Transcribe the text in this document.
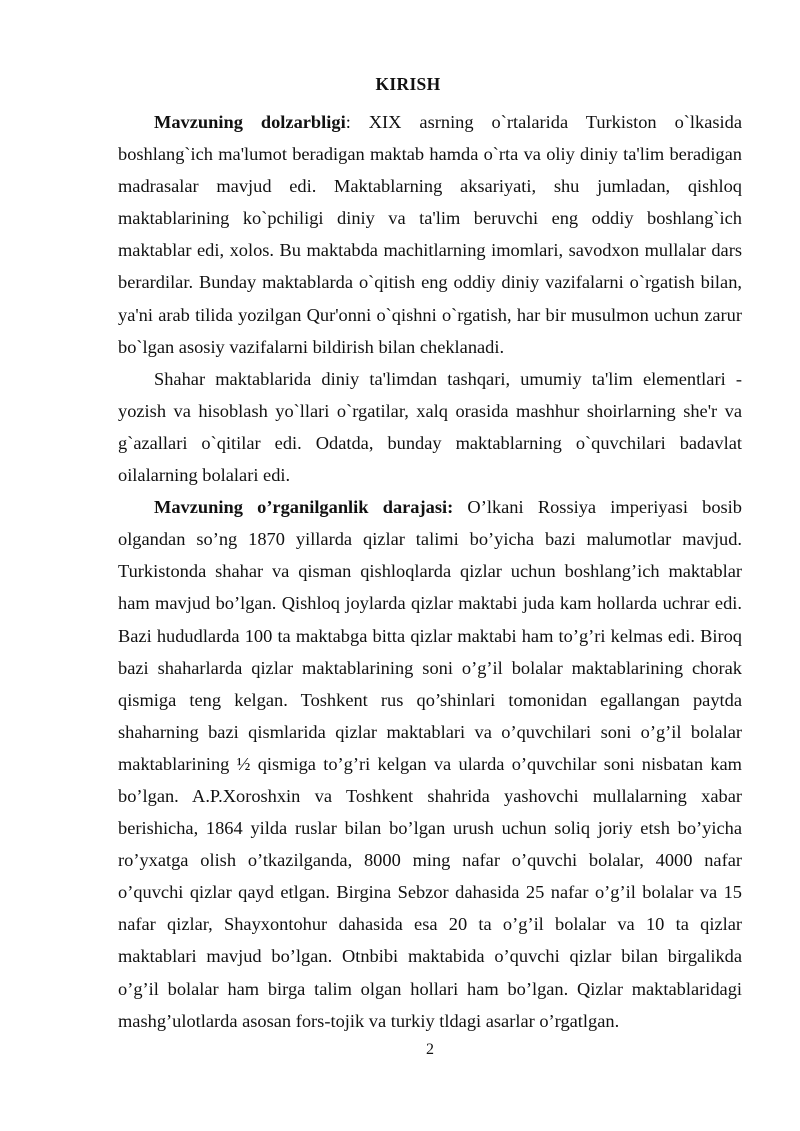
KIRISH

Mavzuning dolzarbligi: XIX asrning o`rtalarida Turkiston o`lkasida boshlang`ich ma'lumot beradigan maktab hamda o`rta va oliy diniy ta'lim beradigan madrasalar mavjud edi. Maktablarning aksariyati, shu jumladan, qishloq maktablarining ko`pchiligi diniy va ta'lim beruvchi eng oddiy boshlang`ich maktablar edi, xolos. Bu maktabda machitlarning imomlari, savodxon mullalar dars berardilar. Bunday maktablarda o`qitish eng oddiy diniy vazifalarni o`rgatish bilan, ya'ni arab tilida yozilgan Qur'onni o`qishni o`rgatish, har bir musulmon uchun zarur bo`lgan asosiy vazifalarni bildirish bilan cheklanadi.

Shahar maktablarida diniy ta'limdan tashqari, umumiy ta'lim elementlari - yozish va hisoblash yo`llari o`rgatilar, xalq orasida mashhur shoirlarning she'r va g`azallari o`qitilar edi. Odatda, bunday maktablarning o`quvchilari badavlat oilalarning bolalari edi.

Mavzuning o’rganilganlik darajasi: O’lkani Rossiya imperiyasi bosib olgandan so’ng 1870 yillarda qizlar talimi bo’yicha bazi malumotlar mavjud. Turkistonda shahar va qisman qishloqlarda qizlar uchun boshlang’ich maktablar ham mavjud bo’lgan. Qishloq joylarda qizlar maktabi juda kam hollarda uchrar edi. Bazi hududlarda 100 ta maktabga bitta qizlar maktabi ham to’g’ri kelmas edi. Biroq bazi shaharlarda qizlar maktablarining soni o’g’il bolalar maktablarining chorak qismiga teng kelgan. Toshkent rus qo’shinlari tomonidan egallangan paytda shaharning bazi qismlarida qizlar maktablari va o’quvchilari soni o’g’il bolalar maktablarining ½ qismiga to’g’ri kelgan va ularda o’quvchilar soni nisbatan kam bo’lgan. A.P.Xoroshxin va Toshkent shahrida yashovchi mullalarning xabar berishicha, 1864 yilda ruslar bilan bo’lgan urush uchun soliq joriy etsh bo’yicha ro’yxatga olish o’tkazilganda, 8000 ming nafar o’quvchi bolalar, 4000 nafar o’quvchi qizlar qayd etlgan. Birgina Sebzor dahasida 25 nafar o’g’il bolalar va 15 nafar qizlar, Shayxontohur dahasida esa 20 ta o’g’il bolalar va 10 ta qizlar maktablari mavjud bo’lgan. Otnbibi maktabida o’quvchi qizlar bilan birgalikda o’g’il bolalar ham birga talim olgan hollari ham bo’lgan. Qizlar maktablaridagi mashg’ulotlarda asosan fors-tojik va turkiy tldagi asarlar o’rgatlgan.

2
